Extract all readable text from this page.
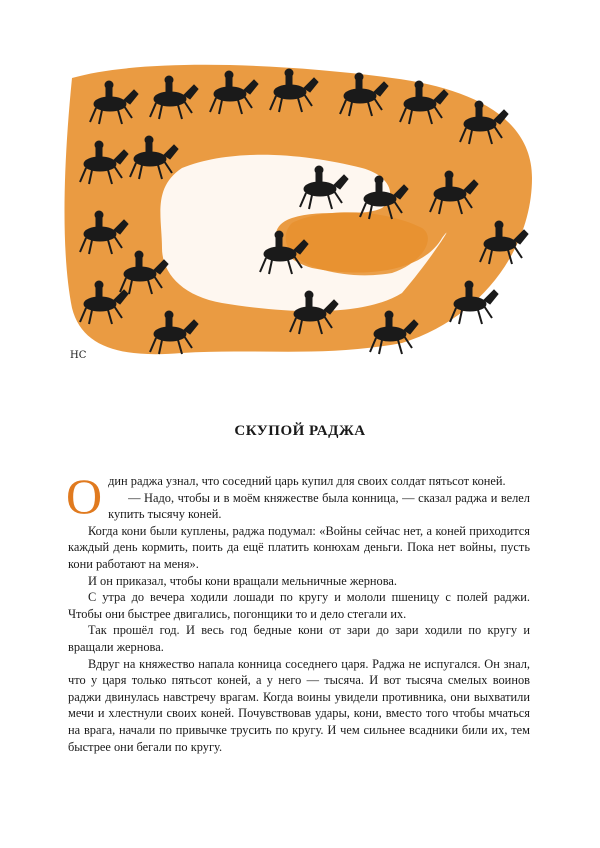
НС
СКУПОЙ РАДЖА

Один раджа узнал, что соседний царь купил для своих солдат пятьсот коней.

— Надо, чтобы и в моём княжестве была конница, — сказал раджа и велел купить тысячу коней.

Когда кони были куплены, раджа подумал: «Войны сейчас нет, а коней приходится каждый день кормить, поить да ещё платить конюхам деньги. Пока нет войны, пусть кони работают на меня».

И он приказал, чтобы кони вращали мельничные жернова.

С утра до вечера ходили лошади по кругу и мололи пшеницу с полей раджи. Чтобы они быстрее двигались, погонщики то и дело стегали их.

Так прошёл год. И весь год бедные кони от зари до зари ходили по кругу и вращали жернова.

Вдруг на княжество напала конница соседнего царя. Раджа не испугался. Он знал, что у царя только пятьсот коней, а у него — тысяча. И вот тысяча смелых воинов раджи двинулась навстречу врагам. Когда воины увидели противника, они выхватили мечи и хлестнули своих коней. Почувствовав удары, кони, вместо того чтобы мчаться на врага, начали по привычке трусить по кругу. И чем сильнее всадники били их, тем быстрее они бегали по кругу.
